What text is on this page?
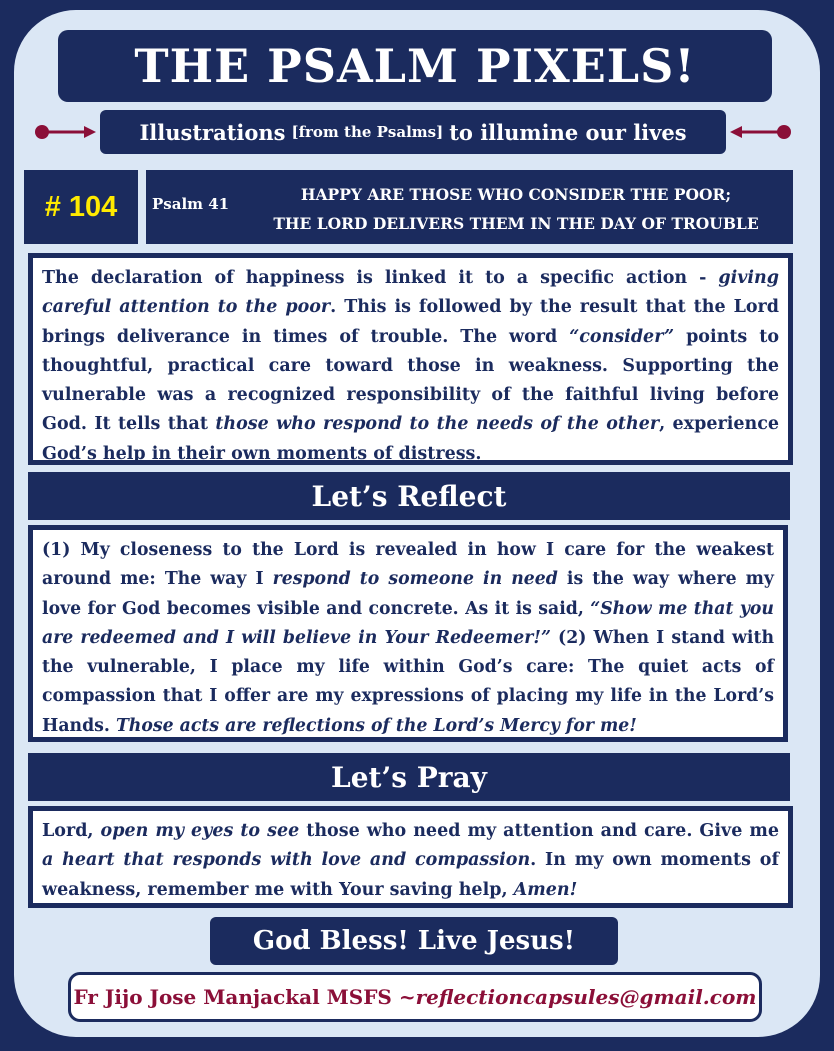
THE PSALM PIXELS!
Illustrations [from the Psalms] to illumine our lives
# 104 Psalm 41	HAPPY ARE THOSE WHO CONSIDER THE POOR;
THE LORD DELIVERS THEM IN THE DAY OF TROUBLE
The declaration of happiness is linked it to a specific action - giving careful attention to the poor. This is followed by the result that the Lord brings deliverance in times of trouble. The word “consider” points to thoughtful, practical care toward those in weakness. Supporting the vulnerable was a recognized responsibility of the faithful living before God. It tells that those who respond to the needs of the other, experience God’s help in their own moments of distress.
Let’s Reflect
(1) My closeness to the Lord is revealed in how I care for the weakest around me: The way I respond to someone in need is the way where my love for God becomes visible and concrete. As it is said, “Show me that you are redeemed and I will believe in Your Redeemer!” (2) When I stand with the vulnerable, I place my life within God’s care: The quiet acts of compassion that I offer are my expressions of placing my life in the Lord’s Hands. Those acts are reflections of the Lord’s Mercy for me!
Let’s Pray
Lord, open my eyes to see those who need my attention and care. Give me a heart that responds with love and compassion. In my own moments of weakness, remember me with Your saving help, Amen!
God Bless! Live Jesus!
Fr Jijo Jose Manjackal MSFS ~ reflectioncapsules@gmail.com
